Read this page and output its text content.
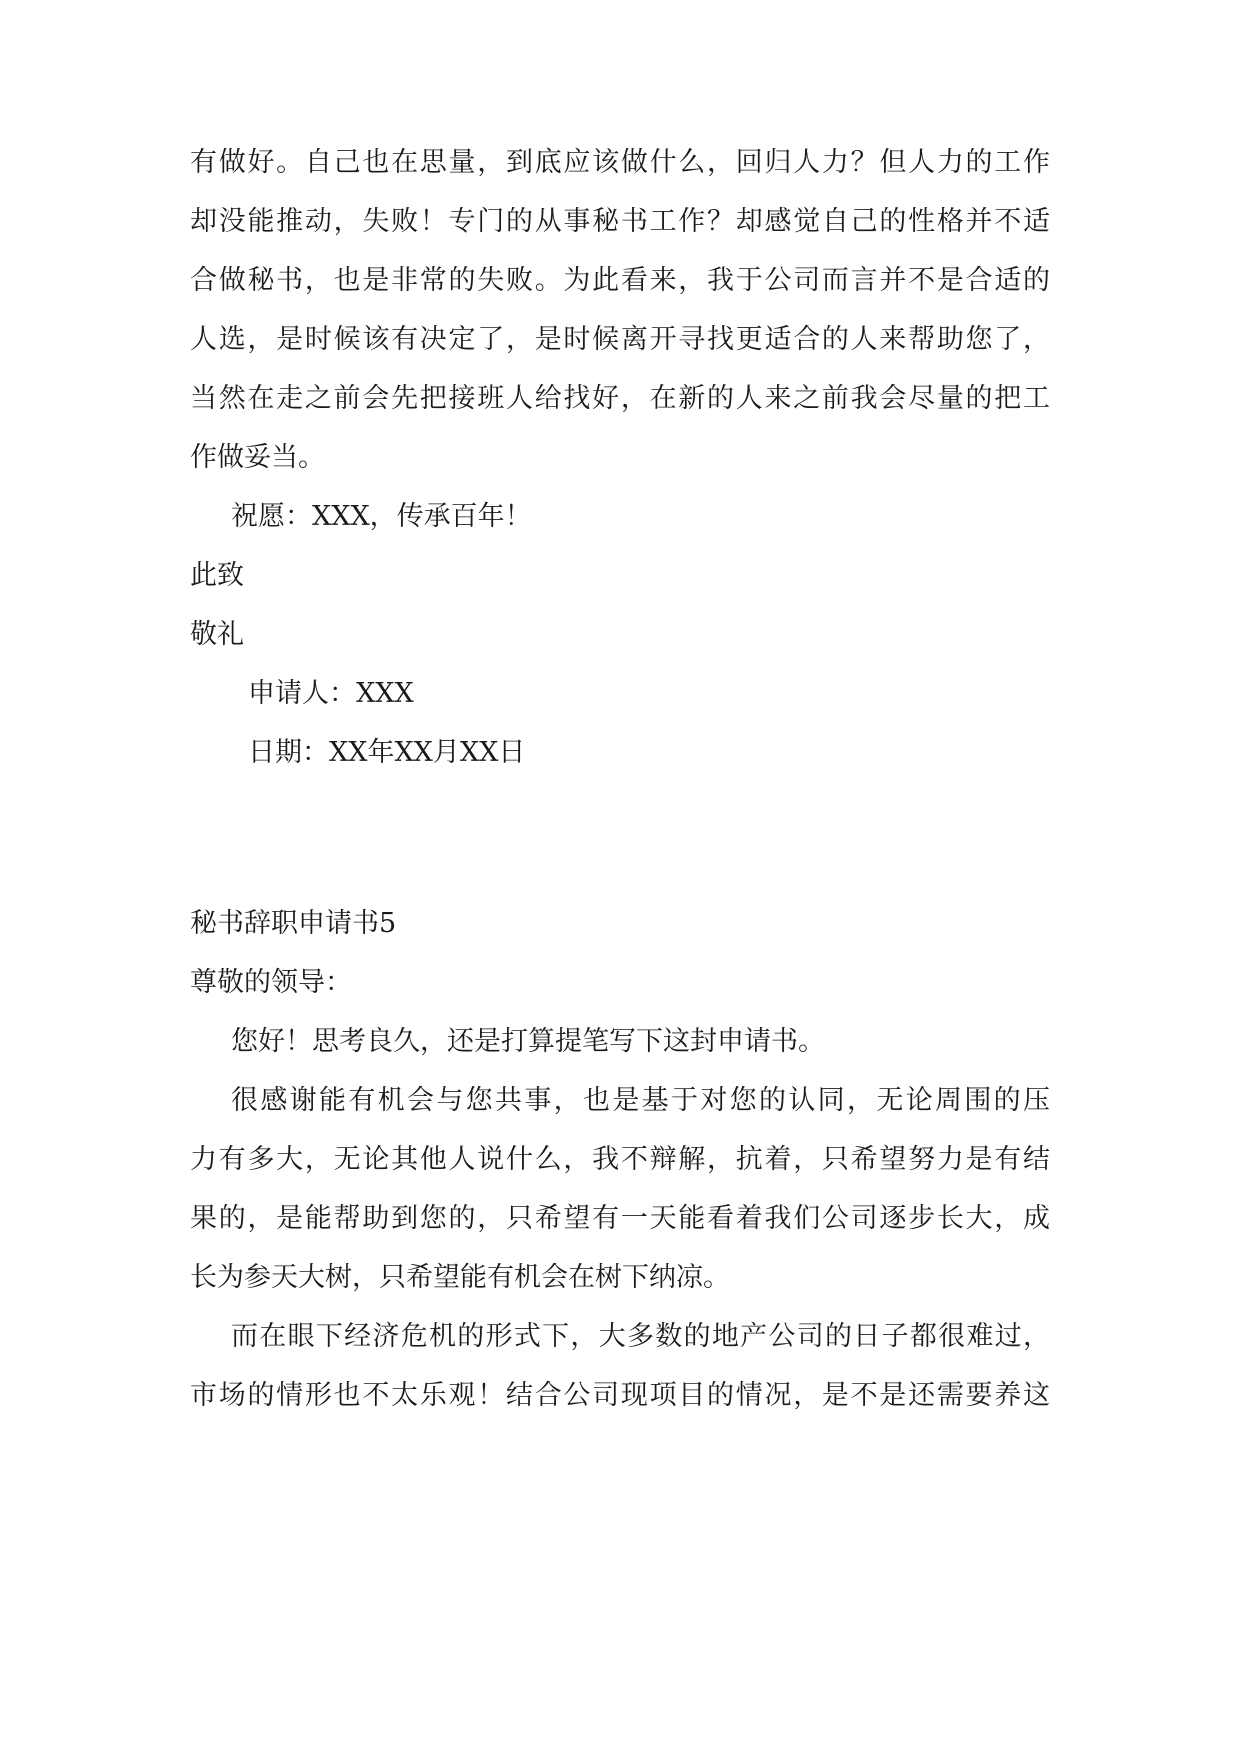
有做好。自己也在思量，到底应该做什么，回归人力？但人力的工作
却没能推动，失败！专门的从事秘书工作？却感觉自己的性格并不适
合做秘书，也是非常的失败。为此看来，我于公司而言并不是合适的
人选，是时候该有决定了，是时候离开寻找更适合的人来帮助您了，
当然在走之前会先把接班人给找好，在新的人来之前我会尽量的把工
作做妥当。
祝愿：XXX，传承百年！
此致
敬礼
申请人：XXX
日期：XX年XX月XX日
秘书辞职申请书5
尊敬的领导：
您好！思考良久，还是打算提笔写下这封申请书。
很感谢能有机会与您共事，也是基于对您的认同，无论周围的压
力有多大，无论其他人说什么，我不辩解，抗着，只希望努力是有结
果的，是能帮助到您的，只希望有一天能看着我们公司逐步长大，成
长为参天大树，只希望能有机会在树下纳凉。
而在眼下经济危机的形式下，大多数的地产公司的日子都很难过，
市场的情形也不太乐观！结合公司现项目的情况，是不是还需要养这
